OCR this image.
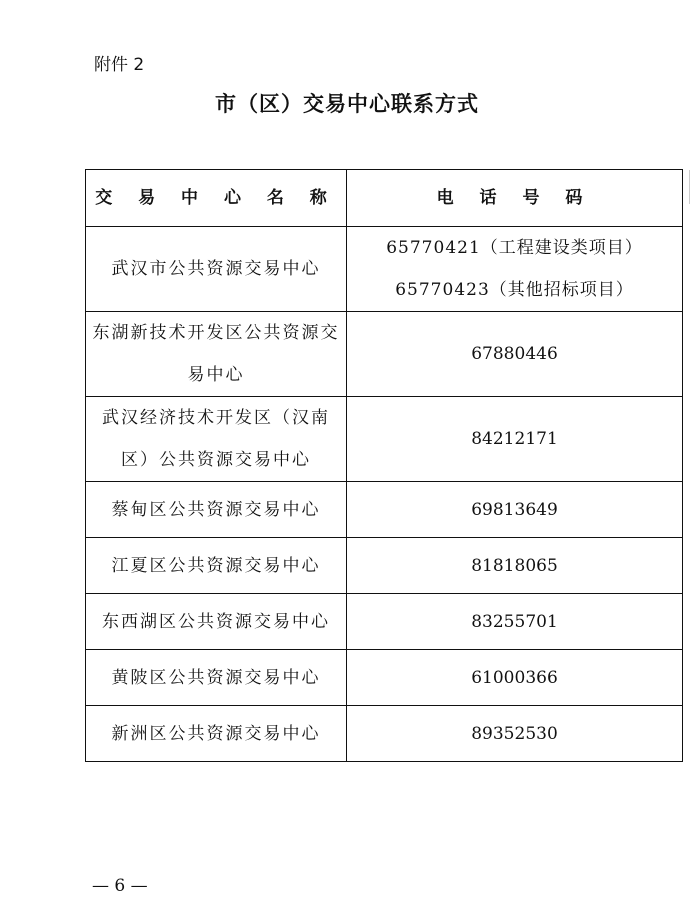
附件 2
市（区）交易中心联系方式
交 易 中 心 名 称	电 话 号 码
武汉市公共资源交易中心	65770421（工程建设类项目）
65770423（其他招标项目）

东湖新技术开发区公共资源交易中心	67880446
武汉经济技术开发区（汉南区）公共资源交易中心	84212171
蔡甸区公共资源交易中心	69813649
江夏区公共资源交易中心	81818065
东西湖区公共资源交易中心	83255701
黄陂区公共资源交易中心	61000366
新洲区公共资源交易中心	89352530
— 6 —
